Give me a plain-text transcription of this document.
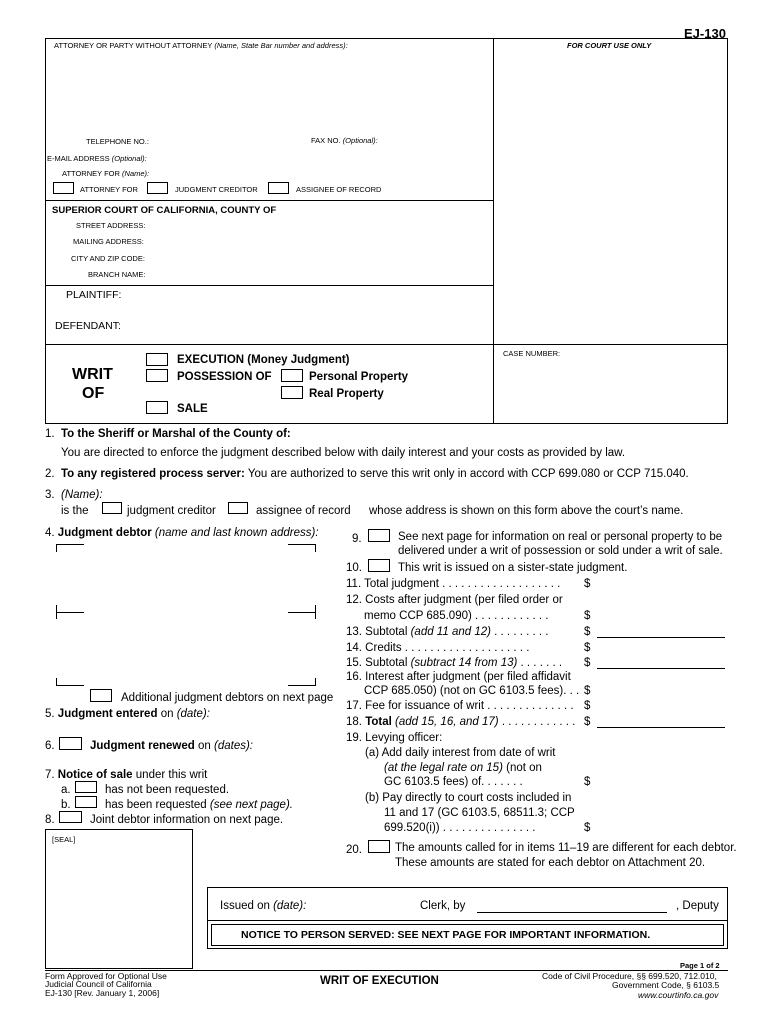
EJ-130
ATTORNEY OR PARTY WITHOUT ATTORNEY (Name, State Bar number and address):	FOR COURT USE ONLY
TELEPHONE NO.:	FAX NO. (Optional):
E-MAIL ADDRESS (Optional):
ATTORNEY FOR (Name):
ATTORNEY FOR	JUDGMENT CREDITOR	ASSIGNEE OF RECORD
SUPERIOR COURT OF CALIFORNIA, COUNTY OF
STREET ADDRESS:
MAILING ADDRESS:
CITY AND ZIP CODE:
BRANCH NAME:
PLAINTIFF:
DEFENDANT:
WRIT
OF
EXECUTION (Money Judgment)
POSSESSION OF	Personal Property
Real Property
SALE
CASE NUMBER:
1. To the Sheriff or Marshal of the County of:
You are directed to enforce the judgment described below with daily interest and your costs as provided by law.
2. To any registered process server: You are authorized to serve this writ only in accord with CCP 699.080 or CCP 715.040.
3. (Name):
is the	judgment creditor	assignee of record whose address is shown on this form above the court’s name.
4. Judgment debtor (name and last known address):
Additional judgment debtors on next page
5. Judgment entered on (date):
6.	Judgment renewed on (dates):
7. Notice of sale under this writ
a.	has not been requested.
b.	has been requested (see next page).
8.	Joint debtor information on next page.
[SEAL]
9.	See next page for information on real or personal property to be
delivered under a writ of possession or sold under a writ of sale.
10.	This writ is issued on a sister-state judgment.
11. Total judgment . . . . . . . . . . . . . . . . . . . $
12. Costs after judgment (per filed order or
memo CCP 685.090) . . . . . . . . . . . .	$
13. Subtotal (add 11 and 12) . . . . . . . . .	$
14. Credits . . . . . . . . . . . . . . . . . . . .	$
15. Subtotal (subtract 14 from 13) . . . . . . . $
16. Interest after judgment (per filed affidavit
CCP 685.050) (not on GC 6103.5 fees). . . $
17. Fee for issuance of writ . . . . . . . . . . . . . . $
18. Total (add 15, 16, and 17) . . . . . . . . . . . . $
19. Levying officer:
(a) Add daily interest from date of writ
(at the legal rate on 15) (not on
GC 6103.5 fees) of. . . . . . .	$
(b) Pay directly to court costs included in
11 and 17 (GC 6103.5, 68511.3; CCP
699.520(i)) . . . . . . . . . . . . . . .	$
20.	The amounts called for in items 11–19 are different for each debtor.
These amounts are stated for each debtor on Attachment 20.
Issued on (date):	Clerk, by	, Deputy
NOTICE TO PERSON SERVED: SEE NEXT PAGE FOR IMPORTANT INFORMATION.
Page 1 of 2
Form Approved for Optional Use
Judicial Council of California
EJ-130 [Rev. January 1, 2006]
WRIT OF EXECUTION	Code of Civil Procedure, §§ 699.520, 712.010,
Government Code, § 6103.5
www.courtinfo.ca.gov
